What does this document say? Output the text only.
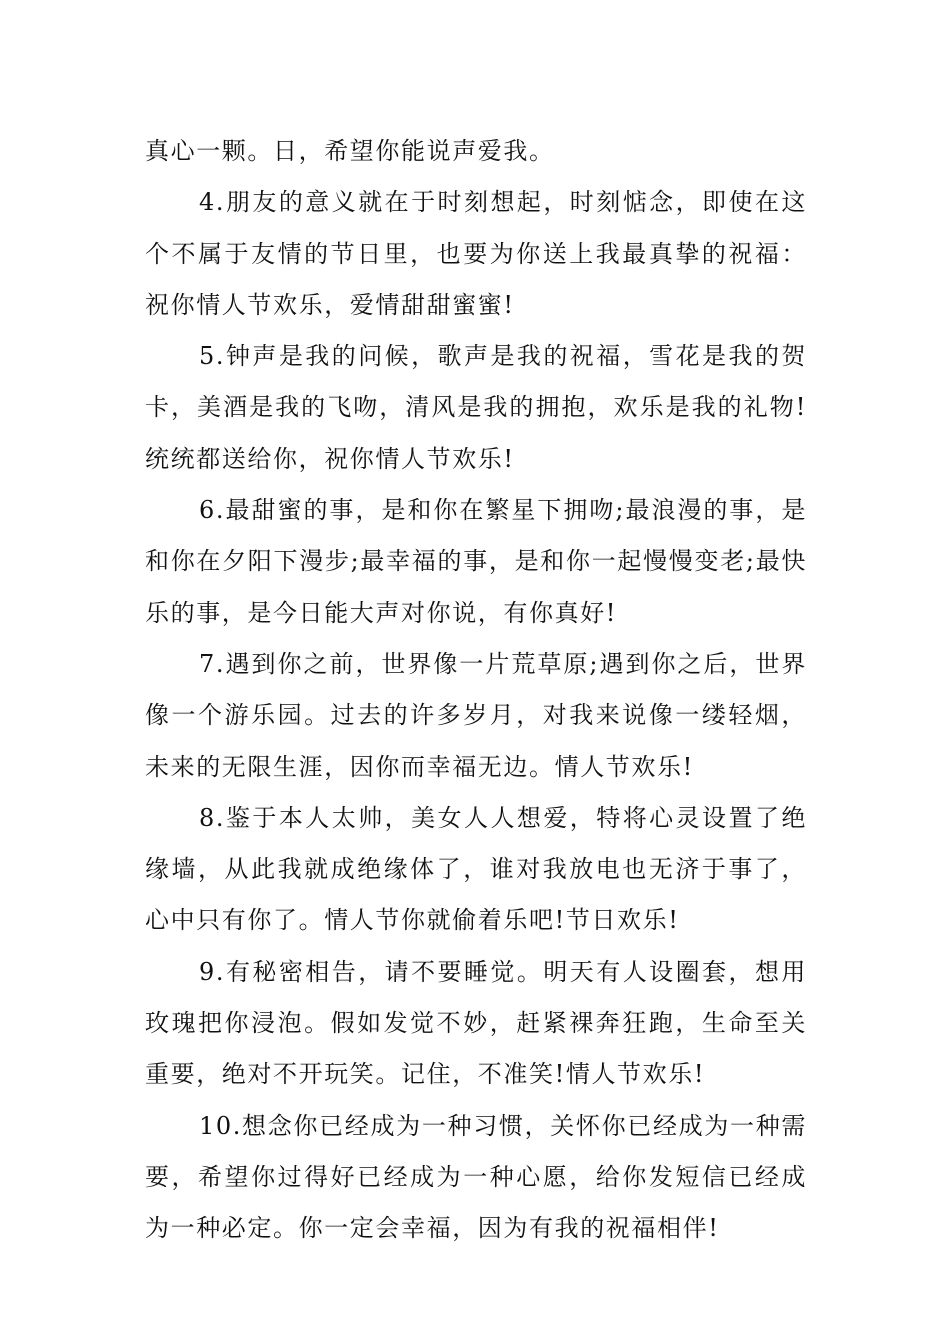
真心一颗。日，希望你能说声爱我。

4.朋友的意义就在于时刻想起，时刻惦念，即使在这个不属于友情的节日里，也要为你送上我最真挚的祝福：祝你情人节欢乐，爱情甜甜蜜蜜!

5.钟声是我的问候，歌声是我的祝福，雪花是我的贺卡，美酒是我的飞吻，清风是我的拥抱，欢乐是我的礼物!统统都送给你，祝你情人节欢乐!

6.最甜蜜的事，是和你在繁星下拥吻;最浪漫的事，是和你在夕阳下漫步;最幸福的事，是和你一起慢慢变老;最快乐的事，是今日能大声对你说，有你真好!

7.遇到你之前，世界像一片荒草原;遇到你之后，世界像一个游乐园。过去的许多岁月，对我来说像一缕轻烟，未来的无限生涯，因你而幸福无边。情人节欢乐!

8.鉴于本人太帅，美女人人想爱，特将心灵设置了绝缘墙，从此我就成绝缘体了，谁对我放电也无济于事了，心中只有你了。情人节你就偷着乐吧!节日欢乐!

9.有秘密相告，请不要睡觉。明天有人设圈套，想用玫瑰把你浸泡。假如发觉不妙，赶紧裸奔狂跑，生命至关重要，绝对不开玩笑。记住，不准笑!情人节欢乐!

10.想念你已经成为一种习惯，关怀你已经成为一种需要，希望你过得好已经成为一种心愿，给你发短信已经成为一种必定。你一定会幸福，因为有我的祝福相伴!
